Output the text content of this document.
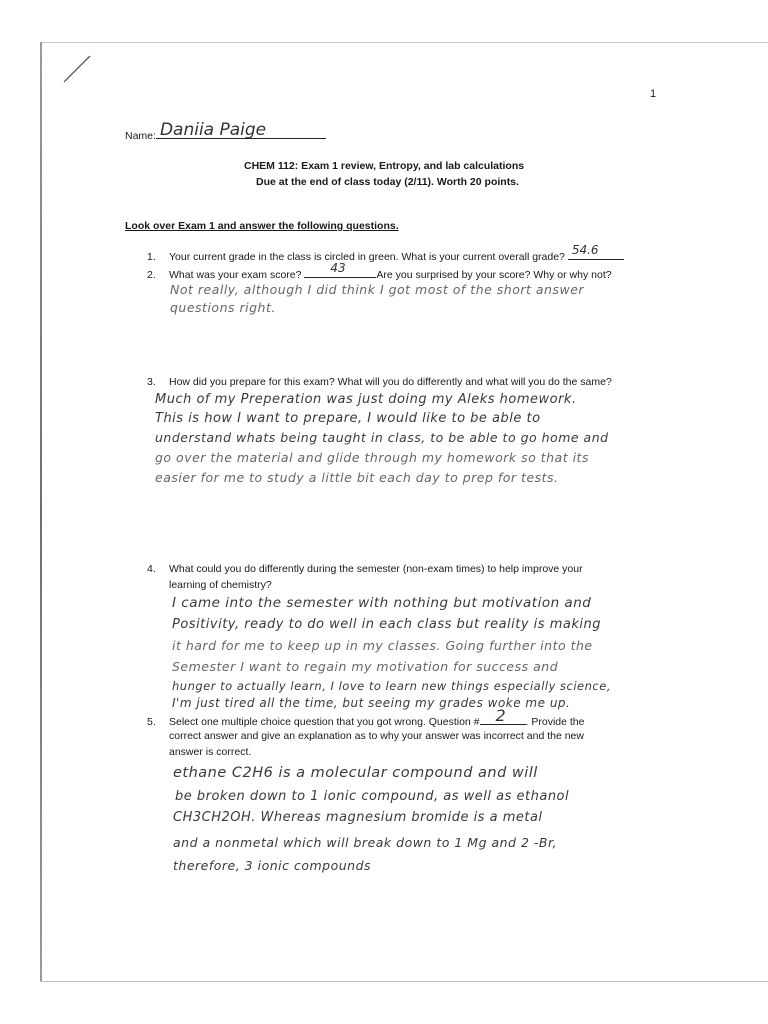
1
Name: Daniia Paige
CHEM 112: Exam 1 review, Entropy, and lab calculations
Due at the end of class today (2/11). Worth 20 points.
Look over Exam 1 and answer the following questions.
1. Your current grade in the class is circled in green. What is your current overall grade? 54.6
2. What was your exam score? 43	Are you surprised by your score? Why or why not?
Not really, although I did think I got most of the short answer
questions right.
3. How did you prepare for this exam? What will you do differently and what will you do the same?
Much of my Preperation was just doing my Aleks homework.
This is how I want to prepare, I would like to be able to
understand whats being taught in class, to be able to go home and
go over the material and glide through my homework so that its
easier for me to study a little bit each day to prep for tests.
4. What could you do differently during the semester (non-exam times) to help improve your
learning of chemistry?
I came into the semester with nothing but motivation and
Positivity, ready to do well in each class but reality is making
it hard for me to keep up in my classes. Going further into the
Semester I want to regain my motivation for success and
hunger to actually learn, I love to learn new things especially science,
I'm just tired all the time, but seeing my grades woke me up.
5. Select one multiple choice question that you got wrong. Question # 2 . Provide the
correct answer and give an explanation as to why your answer was incorrect and the new
answer is correct.
ethane C2H6 is a molecular compound and will
be broken down to 1 ionic compound, as well as ethanol
CH3CH2OH. Whereas magnesium bromide is a metal
and a nonmetal which will break down to 1 Mg and 2 -Br,
therefore, 3 ionic compounds
